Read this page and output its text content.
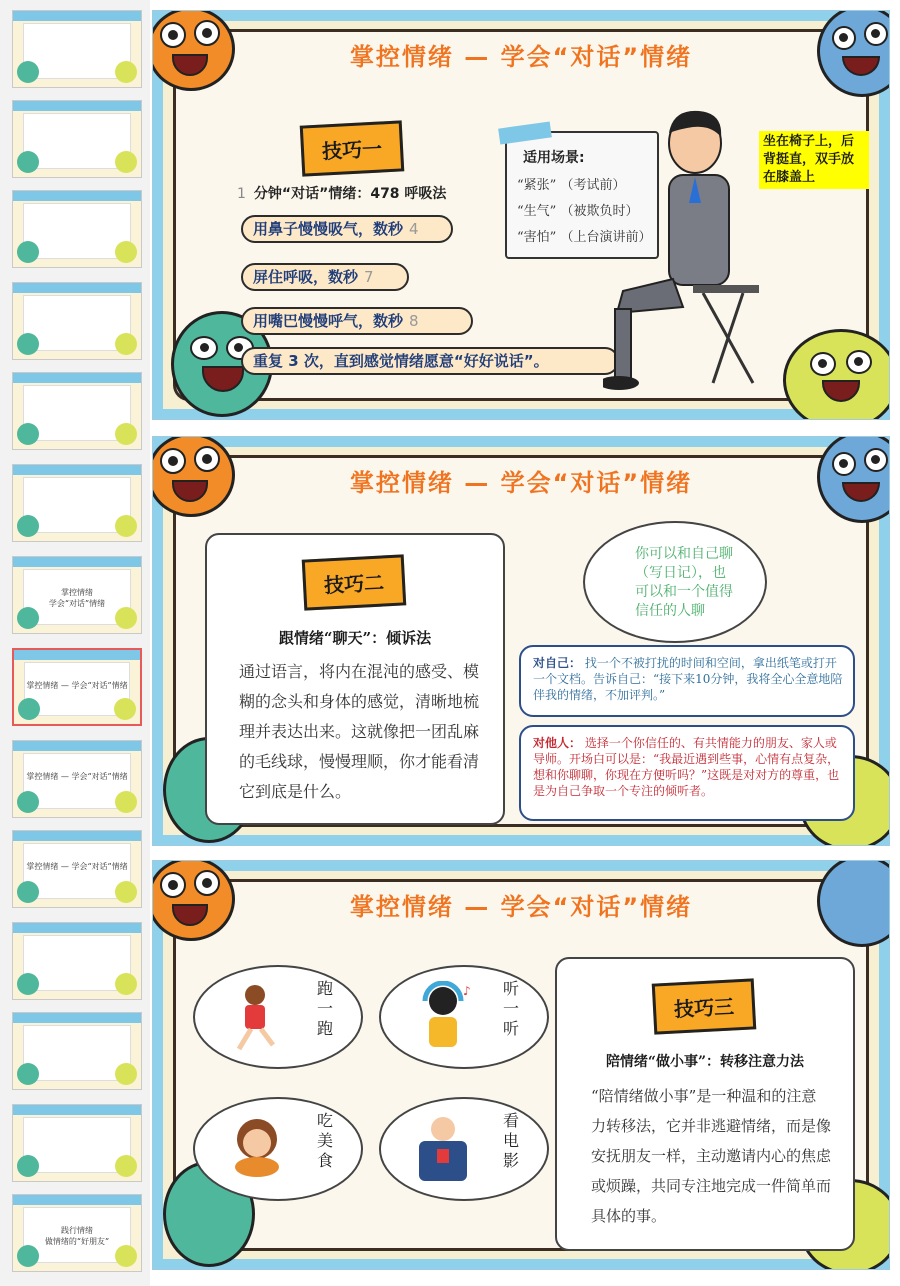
掌控情绪
学会“对话”情绪
掌控情绪 — 学会“对话”情绪
掌控情绪 — 学会“对话”情绪
掌控情绪 — 学会“对话”情绪
践行情绪
做情绪的“好朋友”
掌控情绪 — 学会“对话”情绪
技巧一
1 分钟“对话”情绪：478 呼吸法
用鼻子慢慢吸气，数秒 4
屏住呼吸，数秒 7
用嘴巴慢慢呼气，数秒 8
重复 3 次，直到感觉情绪愿意“好好说话”。
适用场景:
“紧张” （考试前）
“生气” （被欺负时）
“害怕” （上台演讲前）
坐在椅子上，后背挺直，双手放在膝盖上
掌控情绪 — 学会“对话”情绪
技巧二
跟情绪“聊天”：倾诉法
通过语言，将内在混沌的感受、模糊的念头和身体的感觉，清晰地梳理并表达出来。这就像把一团乱麻的毛线球，慢慢理顺，你才能看清它到底是什么。
你可以和自己聊（写日记），也可以和一个值得信任的人聊
对自己： 找一个不被打扰的时间和空间，拿出纸笔或打开一个文档。告诉自己：“接下来10分钟，我将全心全意地陪伴我的情绪，不加评判。”
对他人： 选择一个你信任的、有共情能力的朋友、家人或导师。开场白可以是：“我最近遇到些事，心情有点复杂，想和你聊聊，你现在方便听吗？”这既是对对方的尊重，也是为自己争取一个专注的倾听者。
掌控情绪 — 学会“对话”情绪
跑一跑
♪ 听一听
吃美食
看电影
技巧三
陪情绪“做小事”：转移注意力法
“陪情绪做小事”是一种温和的注意力转移法，它并非逃避情绪，而是像安抚朋友一样，主动邀请内心的焦虑或烦躁，共同专注地完成一件简单而具体的事。
